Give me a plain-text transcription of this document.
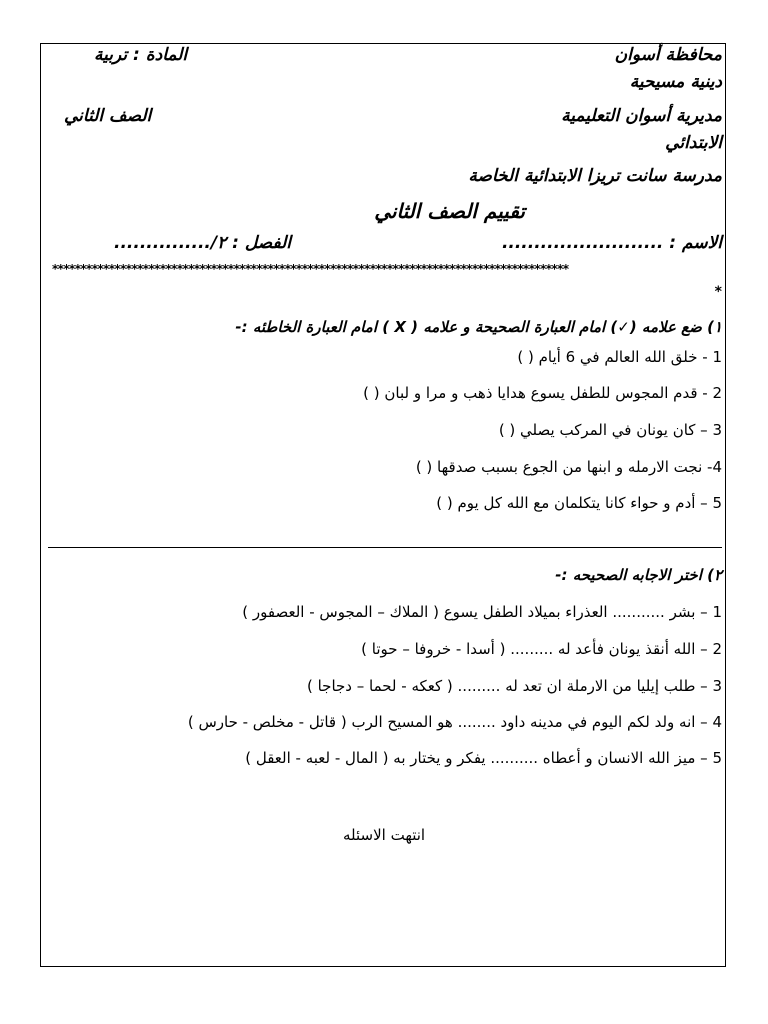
محافظة أسوان
المادة : تربية
دينية مسيحية
مديرية أسوان التعليمية
الصف الثاني
الابتدائي
مدرسة سانت تريزا الابتدائية الخاصة
تقييم الصف الثاني
الاسم : .........................
الفصل : ٢/...............
*******************************************************************************************
*
١) ضع علامه (✓) امام العبارة الصحيحة و علامه ( X ) امام العبارة الخاطئه :-
1 - خلق الله العالم في 6 أيام ( )
2 - قدم المجوس للطفل يسوع هدايا ذهب و مرا و لبان ( )
3 – كان يونان في المركب يصلي ( )
4- نجت الارمله و ابنها من الجوع بسبب صدقها ( )
5 – أدم و حواء كانا يتكلمان مع الله كل يوم ( )
٢) اختر الاجابه الصحيحه :-
1 – بشر ........... العذراء بميلاد الطفل يسوع ( الملاك – المجوس - العصفور )
2 – الله أنقذ يونان فأعد له ......... ( أسدا - خروفا – حوتا )
3 – طلب إيليا من الارملة ان تعد له ......... ( كعكه - لحما – دجاجا )
4 – انه ولد لكم اليوم في مدينه داود ........ هو المسيح الرب ( قاتل - مخلص - حارس )
5 – ميز الله الانسان و أعطاه .......... يفكر و يختار به ( المال - لعبه - العقل )
انتهت الاسئله
